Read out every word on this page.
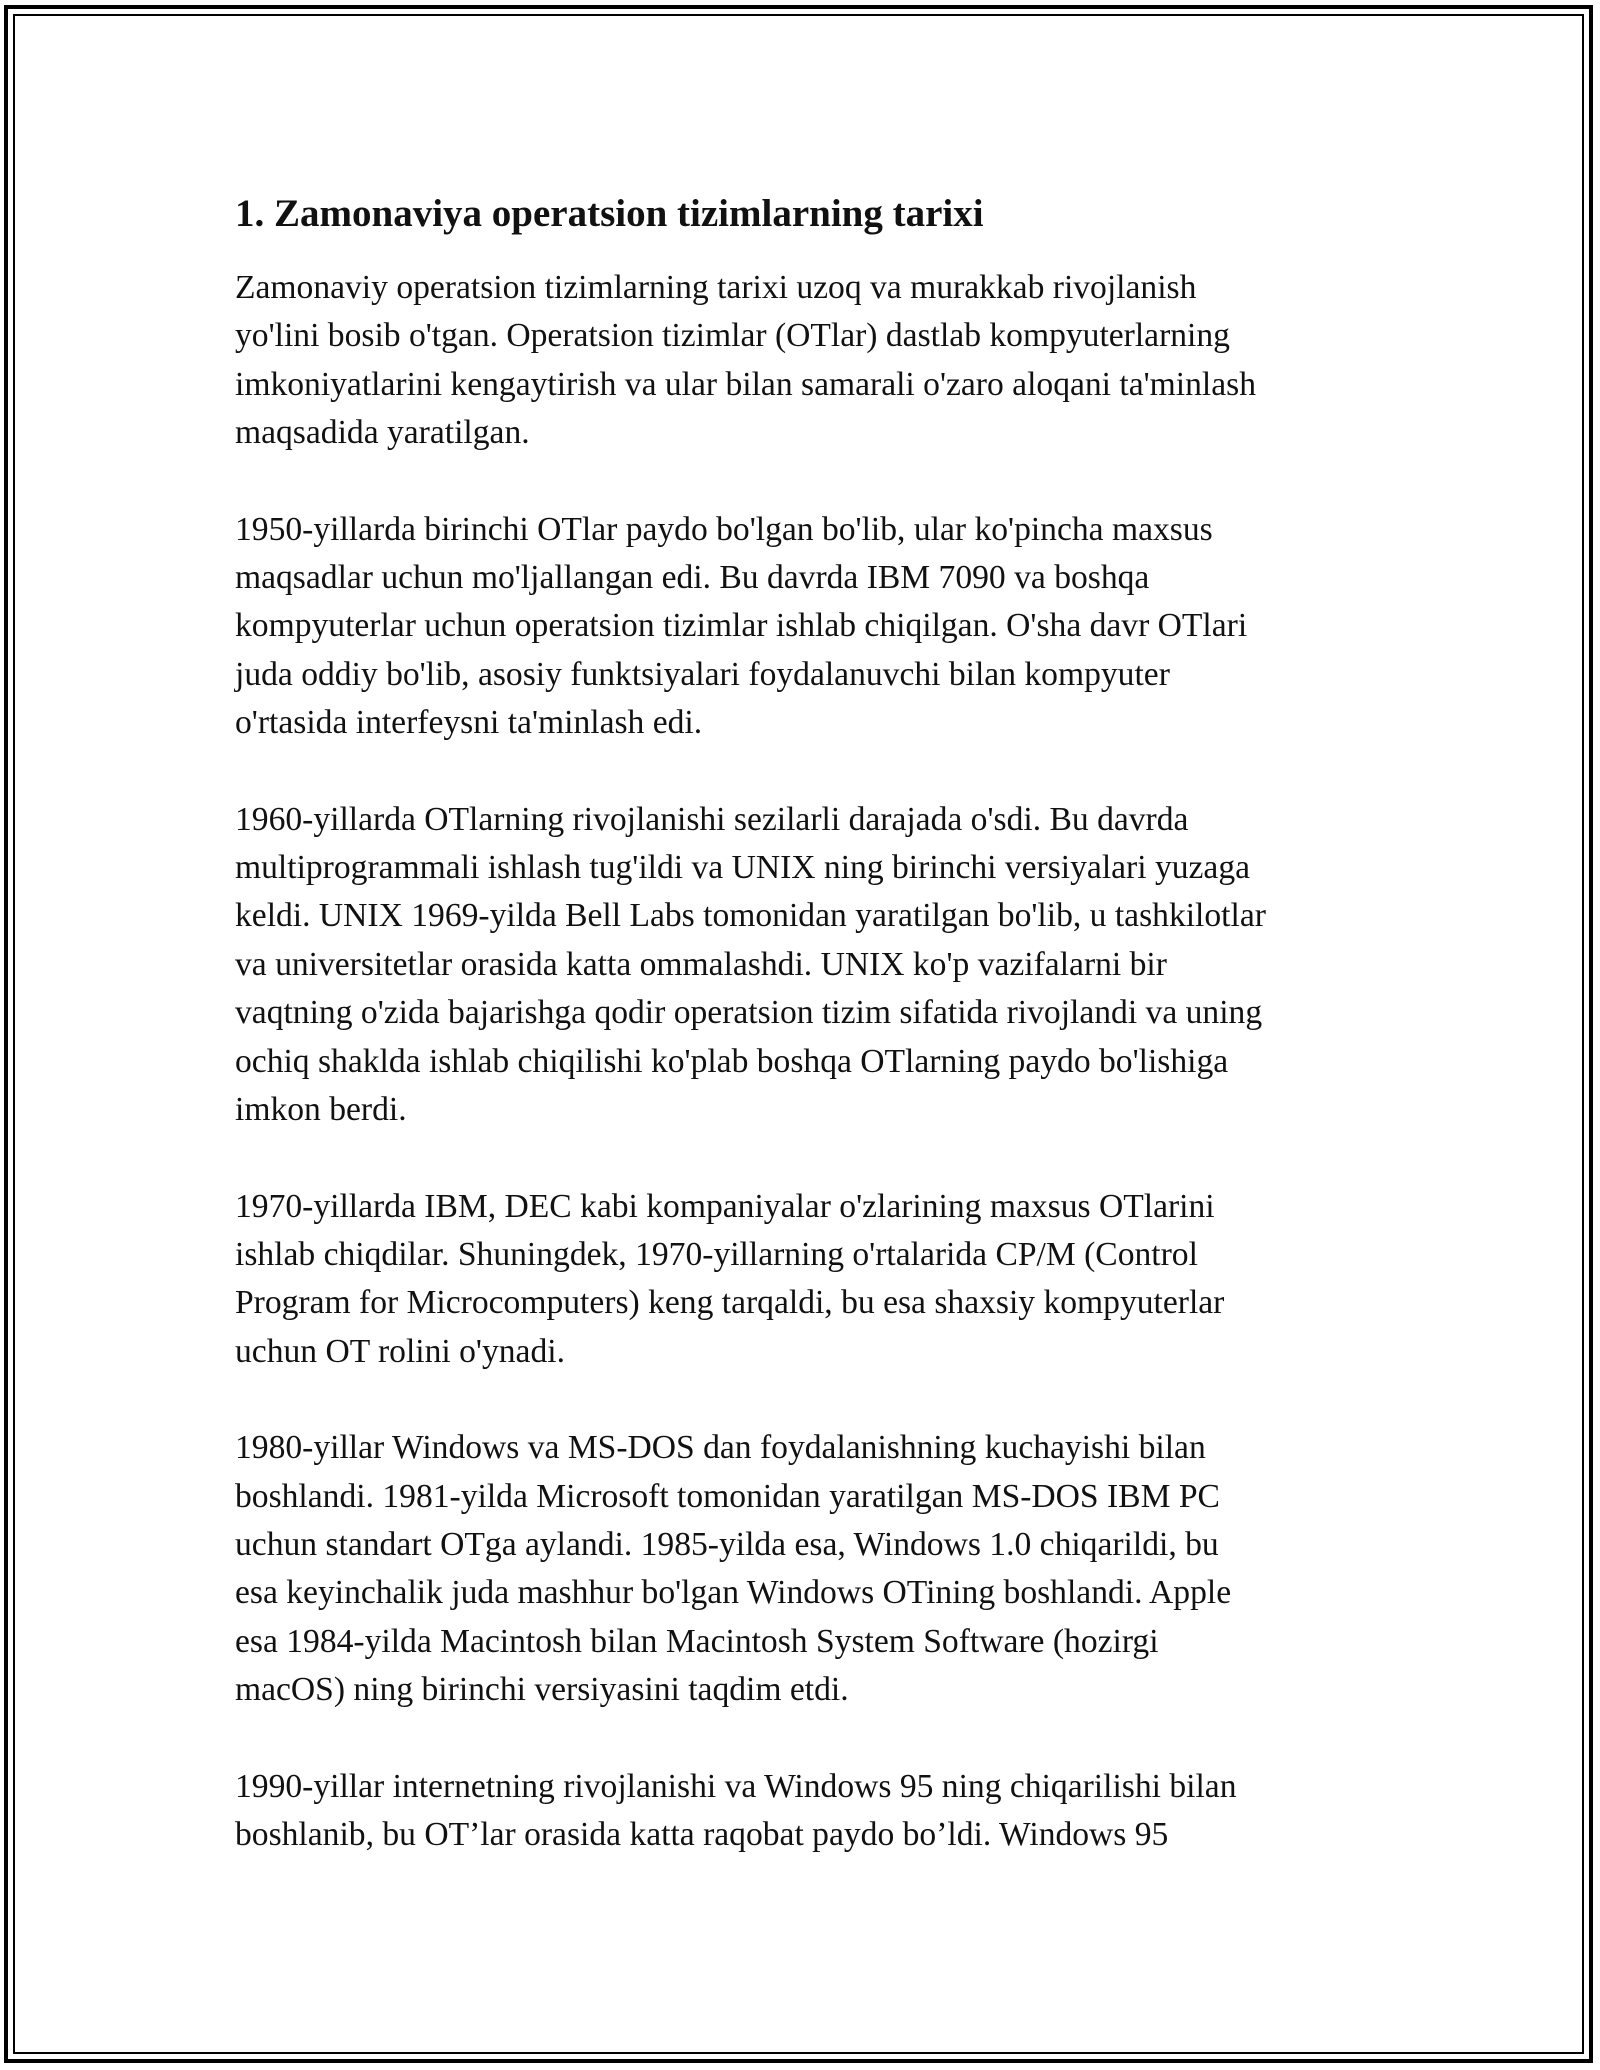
1. Zamonaviya operatsion tizimlarning tarixi

Zamonaviy operatsion tizimlarning tarixi uzoq va murakkab rivojlanish
yo'lini bosib o'tgan. Operatsion tizimlar (OTlar) dastlab kompyuterlarning
imkoniyatlarini kengaytirish va ular bilan samarali o'zaro aloqani ta'minlash
maqsadida yaratilgan.

1950-yillarda birinchi OTlar paydo bo'lgan bo'lib, ular ko'pincha maxsus
maqsadlar uchun mo'ljallangan edi. Bu davrda IBM 7090 va boshqa
kompyuterlar uchun operatsion tizimlar ishlab chiqilgan. O'sha davr OTlari
juda oddiy bo'lib, asosiy funktsiyalari foydalanuvchi bilan kompyuter
o'rtasida interfeysni ta'minlash edi.

1960-yillarda OTlarning rivojlanishi sezilarli darajada o'sdi. Bu davrda
multiprogrammali ishlash tug'ildi va UNIX ning birinchi versiyalari yuzaga
keldi. UNIX 1969-yilda Bell Labs tomonidan yaratilgan bo'lib, u tashkilotlar
va universitetlar orasida katta ommalashdi. UNIX ko'p vazifalarni bir
vaqtning o'zida bajarishga qodir operatsion tizim sifatida rivojlandi va uning
ochiq shaklda ishlab chiqilishi ko'plab boshqa OTlarning paydo bo'lishiga
imkon berdi.

1970-yillarda IBM, DEC kabi kompaniyalar o'zlarining maxsus OTlarini
ishlab chiqdilar. Shuningdek, 1970-yillarning o'rtalarida CP/M (Control
Program for Microcomputers) keng tarqaldi, bu esa shaxsiy kompyuterlar
uchun OT rolini o'ynadi.

1980-yillar Windows va MS-DOS dan foydalanishning kuchayishi bilan
boshlandi. 1981-yilda Microsoft tomonidan yaratilgan MS-DOS IBM PC
uchun standart OTga aylandi. 1985-yilda esa, Windows 1.0 chiqarildi, bu
esa keyinchalik juda mashhur bo'lgan Windows OTining boshlandi. Apple
esa 1984-yilda Macintosh bilan Macintosh System Software (hozirgi
macOS) ning birinchi versiyasini taqdim etdi.

1990-yillar internetning rivojlanishi va Windows 95 ning chiqarilishi bilan
boshlanib, bu OT’lar orasida katta raqobat paydo bo’ldi. Windows 95
